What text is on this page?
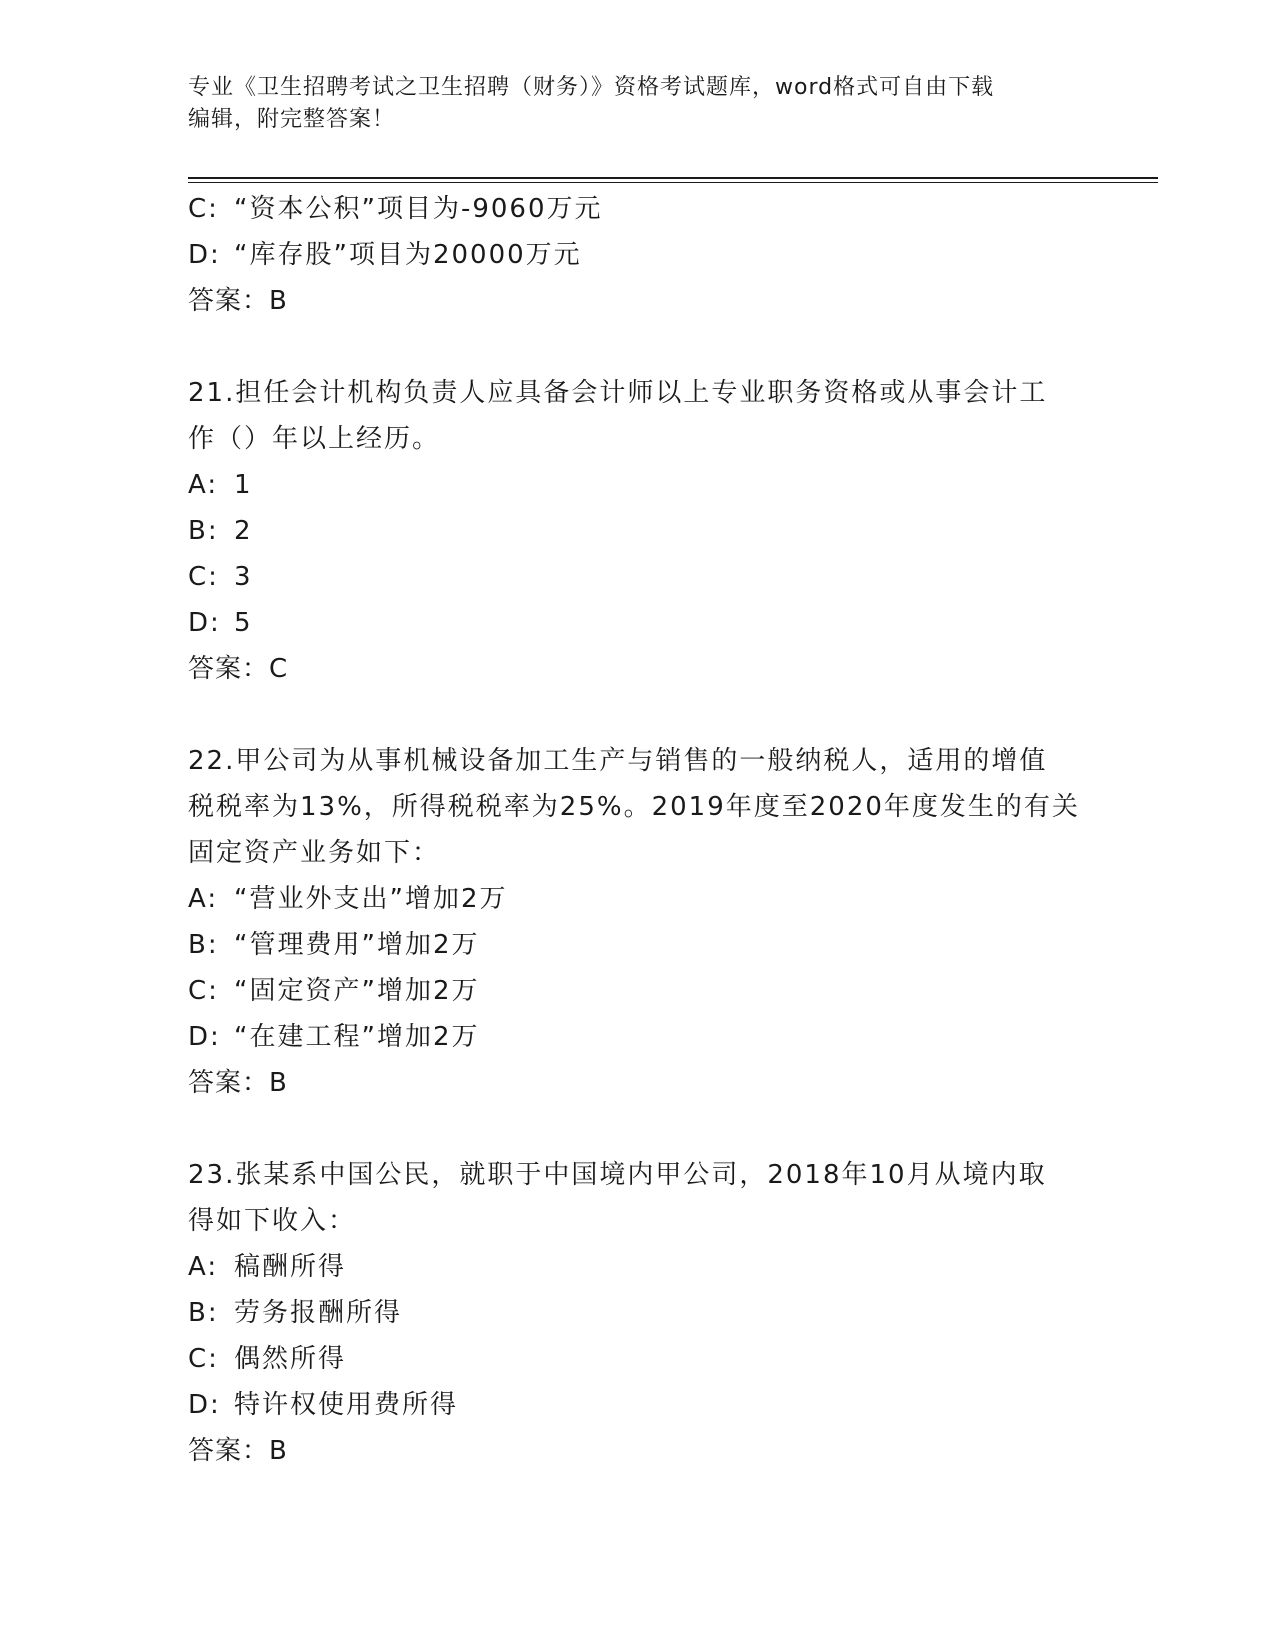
专业《卫生招聘考试之卫生招聘（财务）》资格考试题库，word格式可自由下载
编辑，附完整答案！
C: “资本公积”项目为-9060万元
D: “库存股”项目为20000万元
答案：B
21.担任会计机构负责人应具备会计师以上专业职务资格或从事会计工
作（）年以上经历。
A: 1
B: 2
C: 3
D: 5
答案：C
22.甲公司为从事机械设备加工生产与销售的一般纳税人，适用的增值
税税率为13%，所得税税率为25%。2019年度至2020年度发生的有关
固定资产业务如下：
A: “营业外支出”增加2万
B: “管理费用”增加2万
C: “固定资产”增加2万
D: “在建工程”增加2万
答案：B
23.张某系中国公民，就职于中国境内甲公司，2018年10月从境内取
得如下收入：
A: 稿酬所得
B: 劳务报酬所得
C: 偶然所得
D: 特许权使用费所得
答案：B
